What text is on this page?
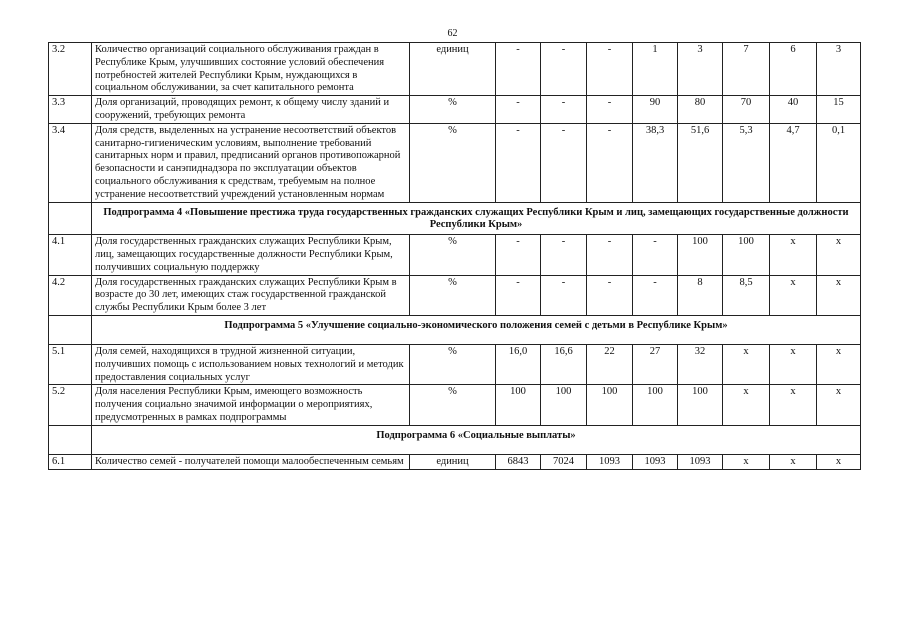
62
3.2	Количество организаций социального обслуживания граждан в Республике Крым, улучшивших состояние условий обеспечения потребностей жителей Республики Крым, нуждающихся в социальном обслуживании, за счет капитального ремонта	единиц	-	-	-	1	3	7	6	3
3.3	Доля организаций, проводящих ремонт, к общему числу зданий и сооружений, требующих ремонта	%	-	-	-	90	80	70	40	15
3.4	Доля средств, выделенных на устранение несоответствий объектов санитарно-гигиеническим условиям, выполнение требований санитарных норм и правил, предписаний органов противопожарной безопасности и санэпиднадзора по эксплуатации объектов социального обслуживания к средствам, требуемым на полное устранение несоответствий учреждений установленным нормам	%	-	-	-	38,3	51,6	5,3	4,7	0,1
	Подпрограмма 4 «Повышение престижа труда государственных гражданских служащих Республики Крым и лиц, замещающих государственные должности Республики Крым»									
4.1	Доля государственных гражданских служащих Республики Крым, лиц, замещающих государственные должности Республики Крым, получивших социальную поддержку	%	-	-	-	-	100	100	x	x
4.2	Доля государственных гражданских служащих Республики Крым в возрасте до 30 лет, имеющих стаж государственной гражданской службы Республики Крым более 3 лет	%	-	-	-	-	8	8,5	x	x
	Подпрограмма 5 «Улучшение социально-экономического положения семей с детьми в Республике Крым»									
5.1	Доля семей, находящихся в трудной жизненной ситуации, получивших помощь с использованием новых технологий и методик предоставления социальных услуг	%	16,0	16,6	22	27	32	x	x	x
5.2	Доля населения Республики Крым, имеющего возможность получения социально значимой информации о мероприятиях, предусмотренных в рамках подпрограммы	%	100	100	100	100	100	x	x	x
	Подпрограмма 6 «Социальные выплаты»									
6.1	Количество семей - получателей помощи малообеспеченным семьям	единиц	6843	7024	1093	1093	1093	x	x	x
